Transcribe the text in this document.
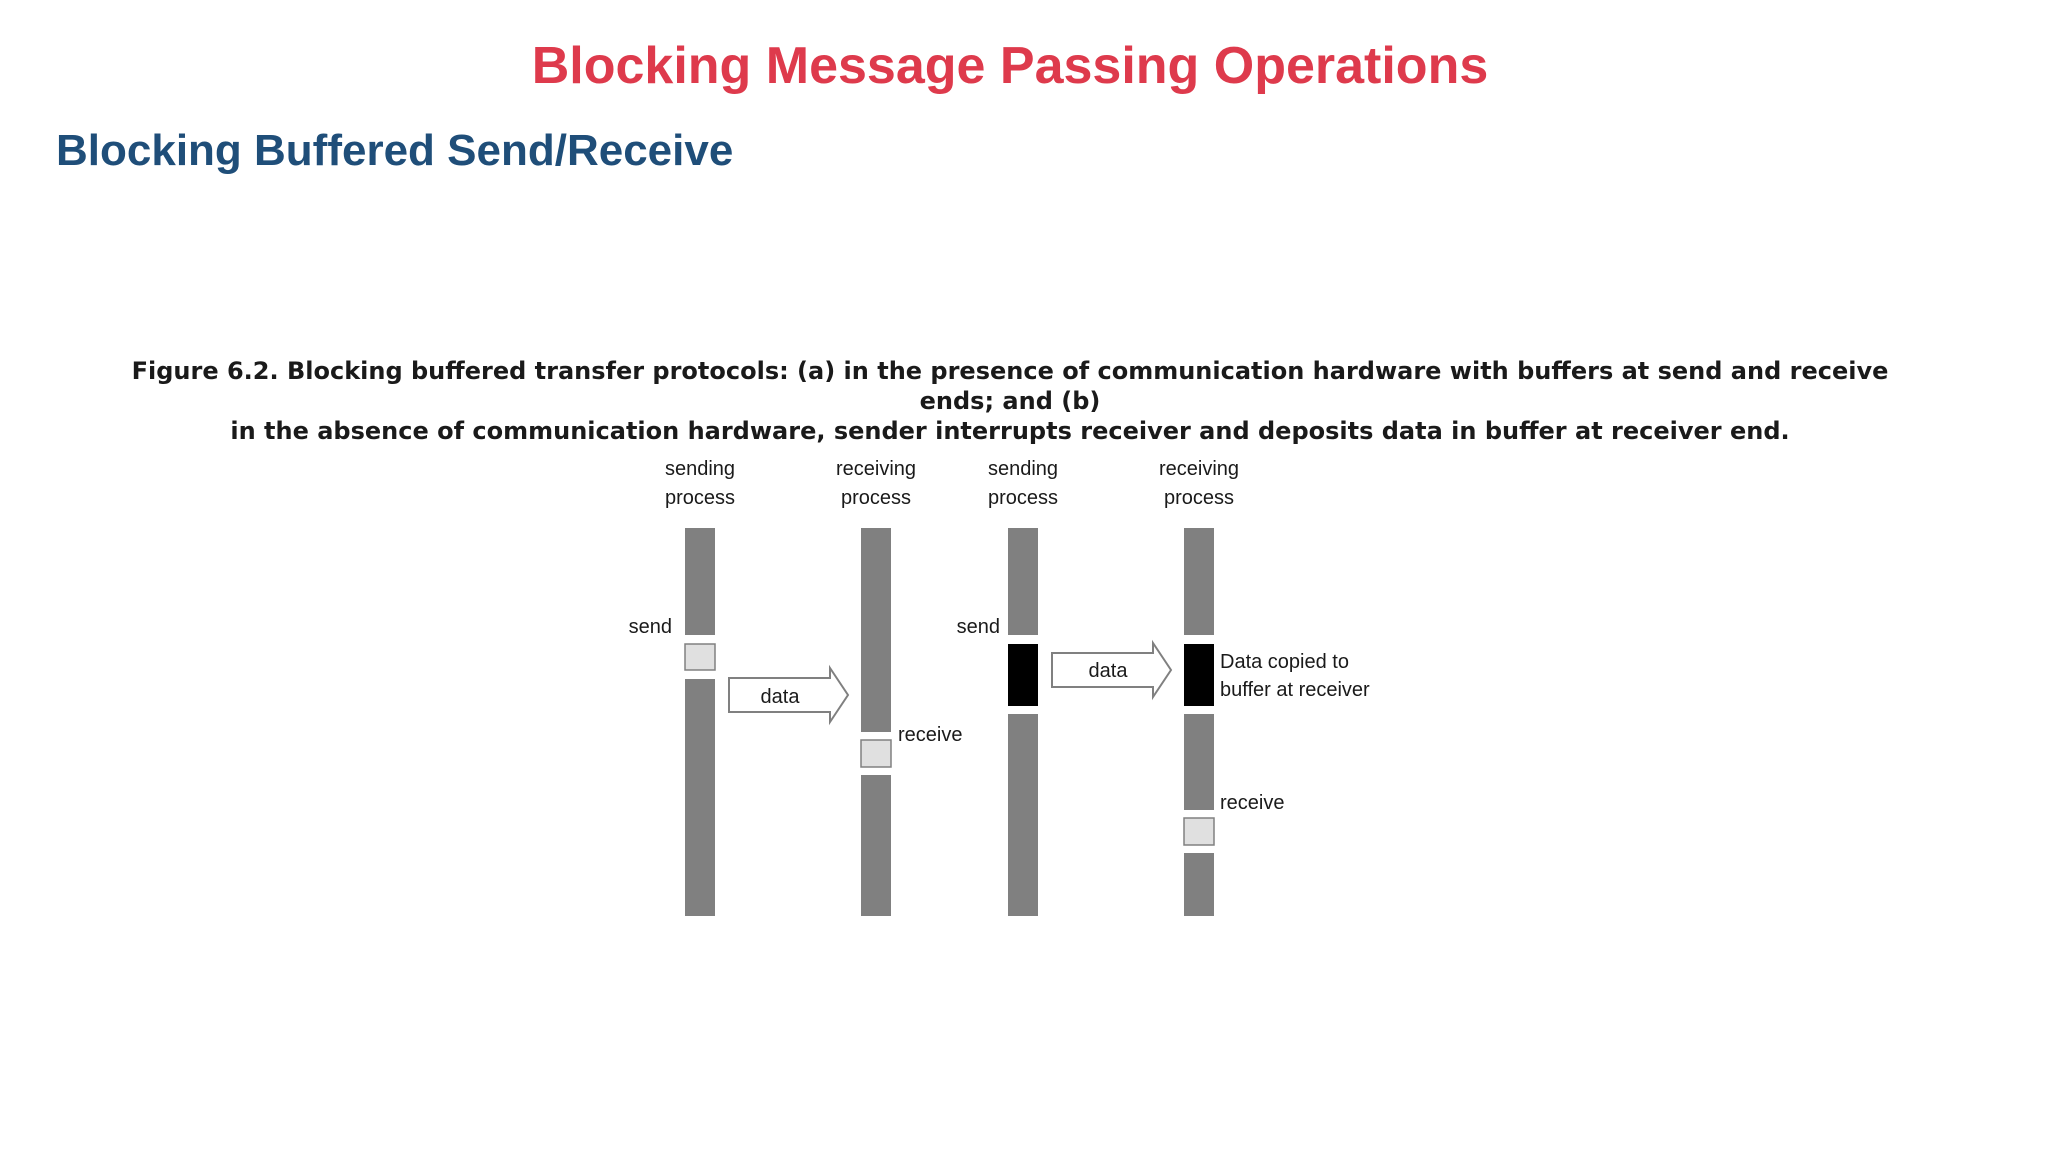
Blocking Message Passing Operations
Blocking Buffered Send/Receive
Figure 6.2. Blocking buffered transfer protocols: (a) in the presence of communication hardware with buffers at send and receive ends; and (b)
in the absence of communication hardware, sender interrupts receiver and deposits data in buffer at receiver end.
sending
process
receiving
process
send
data
receive
sending
process
receiving
process
send
data	Data copied to
buffer at receiver
receive
